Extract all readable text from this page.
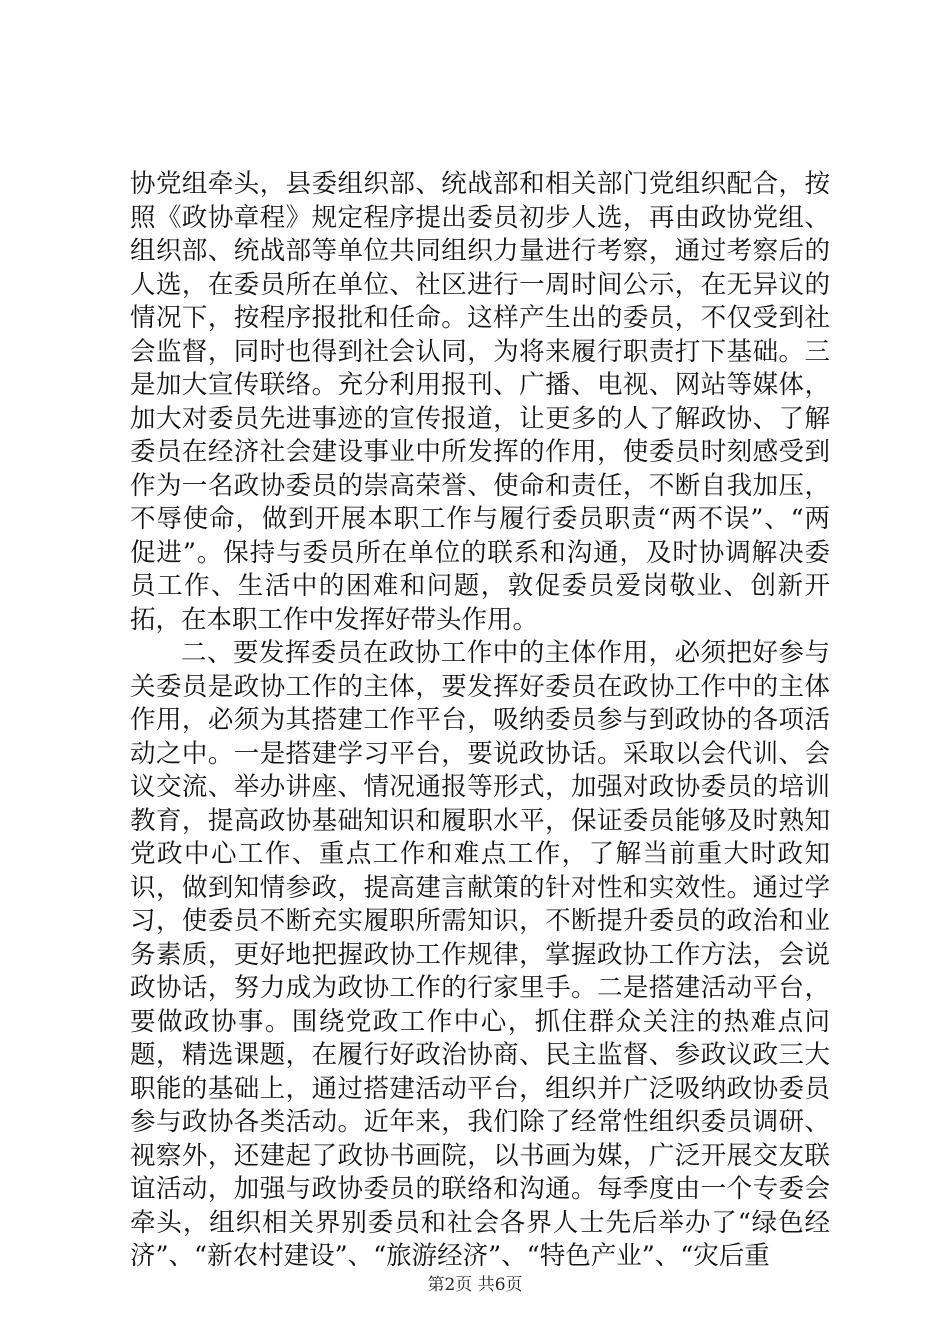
协党组牵头，县委组织部、统战部和相关部门党组织配合，按照《政协章程》规定程序提出委员初步人选，再由政协党组、组织部、统战部等单位共同组织力量进行考察，通过考察后的人选，在委员所在单位、社区进行一周时间公示，在无异议的情况下，按程序报批和任命。这样产生出的委员，不仅受到社会监督，同时也得到社会认同，为将来履行职责打下基础。三是加大宣传联络。充分利用报刊、广播、电视、网站等媒体，加大对委员先进事迹的宣传报道，让更多的人了解政协、了解委员在经济社会建设事业中所发挥的作用，使委员时刻感受到作为一名政协委员的崇高荣誉、使命和责任，不断自我加压，不辱使命，做到开展本职工作与履行委员职责“两不误”、“两促进”。保持与委员所在单位的联系和沟通，及时协调解决委员工作、生活中的困难和问题，敦促委员爱岗敬业、创新开拓，在本职工作中发挥好带头作用。

二、要发挥委员在政协工作中的主体作用，必须把好参与关委员是政协工作的主体，要发挥好委员在政协工作中的主体作用，必须为其搭建工作平台，吸纳委员参与到政协的各项活动之中。一是搭建学习平台，要说政协话。采取以会代训、会议交流、举办讲座、情况通报等形式，加强对政协委员的培训教育，提高政协基础知识和履职水平，保证委员能够及时熟知党政中心工作、重点工作和难点工作，了解当前重大时政知识，做到知情参政，提高建言献策的针对性和实效性。通过学习，使委员不断充实履职所需知识，不断提升委员的政治和业务素质，更好地把握政协工作规律，掌握政协工作方法，会说政协话，努力成为政协工作的行家里手。二是搭建活动平台，要做政协事。围绕党政工作中心，抓住群众关注的热难点问题，精选课题，在履行好政治协商、民主监督、参政议政三大职能的基础上，通过搭建活动平台，组织并广泛吸纳政协委员参与政协各类活动。近年来，我们除了经常性组织委员调研、视察外，还建起了政协书画院，以书画为媒，广泛开展交友联谊活动，加强与政协委员的联络和沟通。每季度由一个专委会牵头，组织相关界别委员和社会各界人士先后举办了“绿色经济”、“新农村建设”、“旅游经济”、“特色产业”、“灾后重

第2页 共6页
